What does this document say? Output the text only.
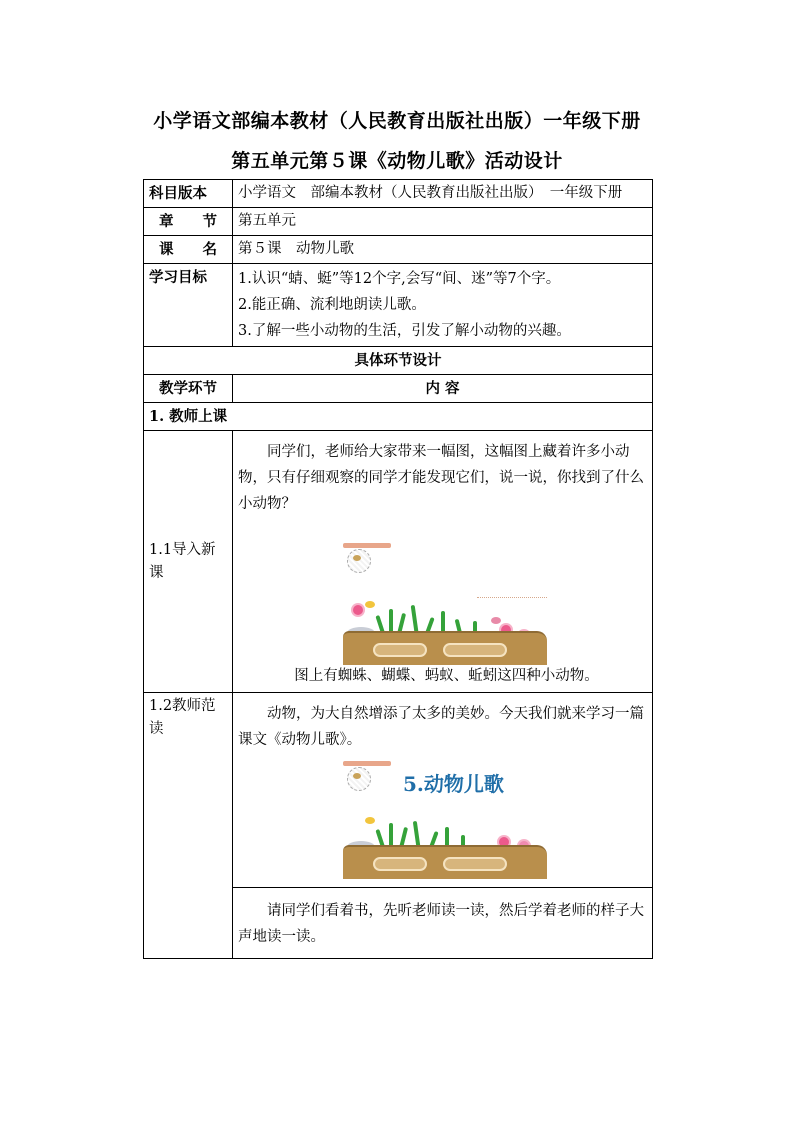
小学语文部编本教材（人民教育出版社出版）一年级下册
第五单元第５课《动物儿歌》活动设计
科目版本	小学语文　部编本教材（人民教育出版社出版）　一年级下册

章 节	第五单元

课 名	第５课　动物儿歌
学习目标	1.认识“蜻、蜓”等12个字,会写“间、迷”等7个字。
2.能正确、流利地朗读儿歌。
3.了解一些小动物的生活，引发了解小动物的兴趣。

具体环节设计	
教学环节	内 容
1. 教师上课	
1.1导入新课	同学们，老师给大家带来一幅图，这幅图上藏着许多小动物，只有仔细观察的同学才能发现它们，说一说，你找到了什么小动物？
图上有蜘蛛、蝴蝶、蚂蚁、蚯蚓这四种小动物。

1.2教师范读	动物，为大自然增添了太多的美妙。今天我们就来学习一篇课文《动物儿歌》。
5.动物儿歌

	请同学们看着书，先听老师读一读，然后学着老师的样子大声地读一读。
